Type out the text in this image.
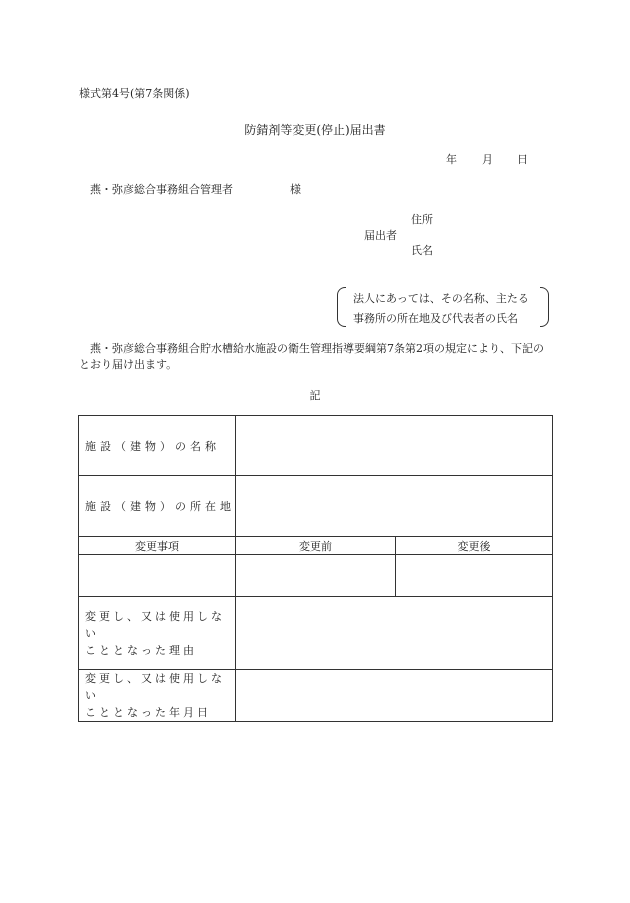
様式第4号(第7条関係)
防錆剤等変更(停止)届出書
年 月 日
燕・弥彦総合事務組合管理者	様
住所
届出者
氏名
法人にあっては、その名称、主たる
事務所の所在地及び代表者の氏名
燕・弥彦総合事務組合貯水槽給水施設の衛生管理指導要綱第7条第2項の規定により、下記のとおり届け出ます。
記
施設（建物）の名称		
施設（建物）の所在地		
変更事項	変更前	変更後

変更し、又は使用しない
こととなった理由		

変更し、又は使用しない
こととなった年月日		
